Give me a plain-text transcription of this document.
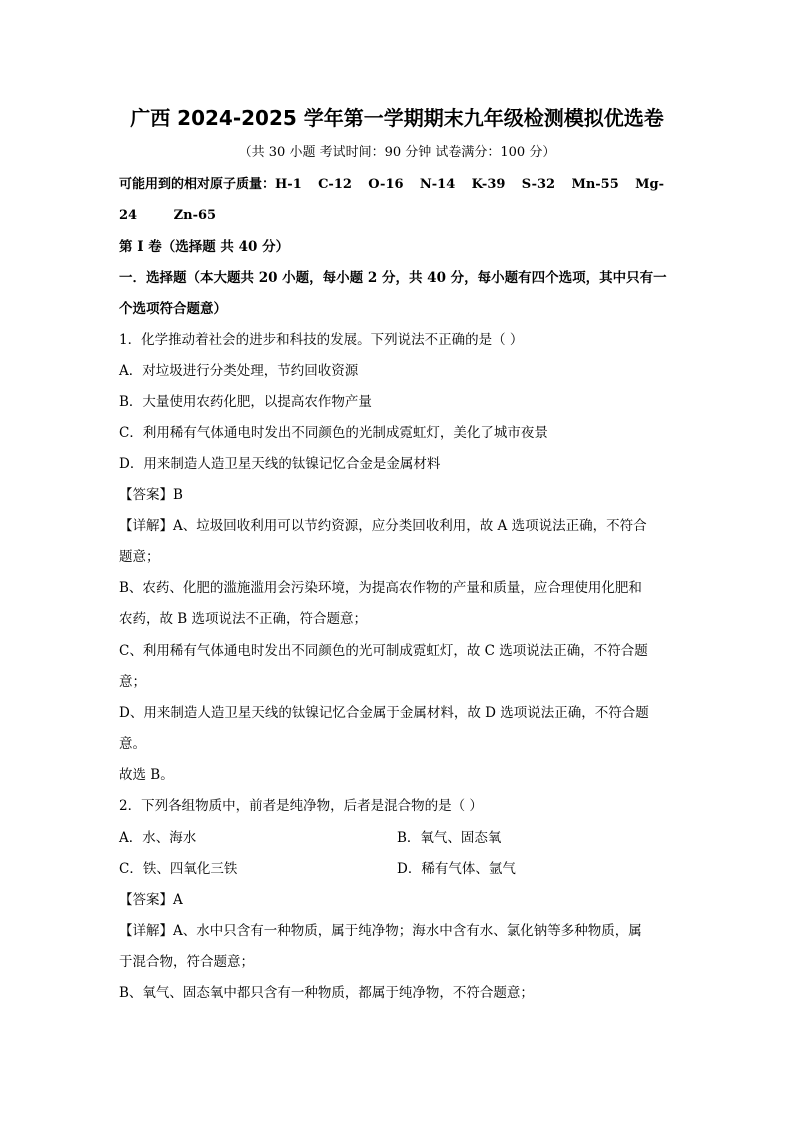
广西 2024-2025 学年第一学期期末九年级检测模拟优选卷
（共 30 小题 考试时间：90 分钟 试卷满分：100 分）
可能用到的相对原子质量：H-1 C-12 O-16 N-14 K-39 S-32 Mn-55 Mg-
24	Zn-65
第 I 卷（选择题 共 40 分）
一．选择题（本大题共 20 小题，每小题 2 分，共 40 分，每小题有四个选项，其中只有一
个选项符合题意）
1．化学推动着社会的进步和科技的发展。下列说法不正确的是（ ）
A．对垃圾进行分类处理，节约回收资源
B．大量使用农药化肥，以提高农作物产量
C．利用稀有气体通电时发出不同颜色的光制成霓虹灯，美化了城市夜景
D．用来制造人造卫星天线的钛镍记忆合金是金属材料
【答案】B
【详解】A、垃圾回收利用可以节约资源，应分类回收利用，故 A 选项说法正确，不符合
题意；
B、农药、化肥的滥施滥用会污染环境，为提高农作物的产量和质量，应合理使用化肥和
农药，故 B 选项说法不正确，符合题意；
C、利用稀有气体通电时发出不同颜色的光可制成霓虹灯，故 C 选项说法正确，不符合题
意；
D、用来制造人造卫星天线的钛镍记忆合金属于金属材料，故 D 选项说法正确，不符合题
意。
故选 B。
2．下列各组物质中，前者是纯净物，后者是混合物的是（ ）
A．水、海水	B．氧气、固态氧
C．铁、四氧化三铁	D．稀有气体、氩气
【答案】A
【详解】A、水中只含有一种物质，属于纯净物；海水中含有水、氯化钠等多种物质，属
于混合物，符合题意；
B、氧气、固态氧中都只含有一种物质，都属于纯净物，不符合题意；
